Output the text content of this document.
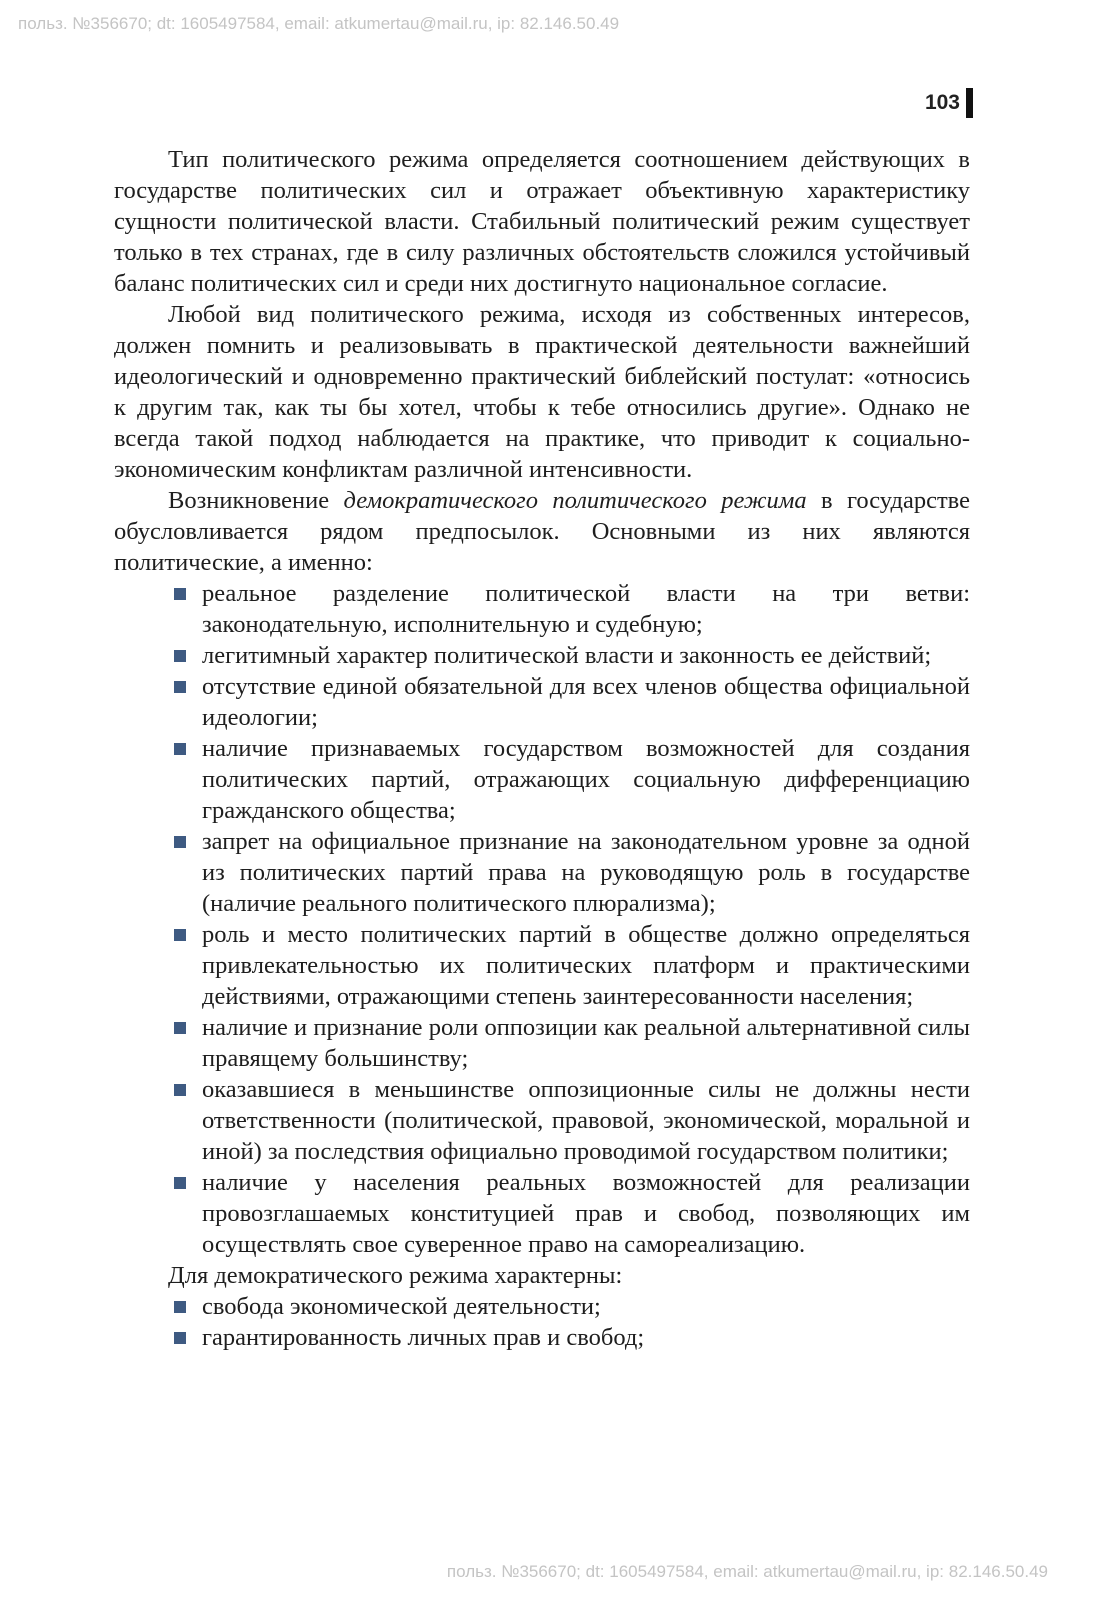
польз. №356670; dt: 1605497584, email: atkumertau@mail.ru, ip: 82.146.50.49
103

Тип политического режима определяется соотношением действующих в государстве политических сил и отражает объективную характеристику сущности политической власти. Стабильный политический режим существует только в тех странах, где в силу различных обстоятельств сложился устойчивый баланс политических сил и среди них достигнуто национальное согласие.

Любой вид политического режима, исходя из собственных интересов, должен помнить и реализовывать в практической деятельности важнейший идеологический и одновременно практический библейский постулат: «относись к другим так, как ты бы хотел, чтобы к тебе относились другие». Однако не всегда такой подход наблюдается на практике, что приводит к социально-экономическим конфликтам различной интенсивности.

Возникновение демократического политического режима в государстве обусловливается рядом предпосылок. Основными из них являются политические, а именно:

реальное разделение политической власти на три ветви: законодательную, исполнительную и судебную;
легитимный характер политической власти и законность ее действий;
отсутствие единой обязательной для всех членов общества официальной идеологии;
наличие признаваемых государством возможностей для создания политических партий, отражающих социальную дифференциацию гражданского общества;
запрет на официальное признание на законодательном уровне за одной из политических партий права на руководящую роль в государстве (наличие реального политического плюрализма);
роль и место политических партий в обществе должно определяться привлекательностью их политических платформ и практическими действиями, отражающими степень заинтересованности населения;
наличие и признание роли оппозиции как реальной альтернативной силы правящему большинству;
оказавшиеся в меньшинстве оппозиционные силы не должны нести ответственности (политической, правовой, экономической, моральной и иной) за последствия официально проводимой государством политики;
наличие у населения реальных возможностей для реализации провозглашаемых конституцией прав и свобод, позволяющих им осуществлять свое суверенное право на самореализацию.

Для демократического режима характерны:

свобода экономической деятельности;
гарантированность личных прав и свобод;
польз. №356670; dt: 1605497584, email: atkumertau@mail.ru, ip: 82.146.50.49
